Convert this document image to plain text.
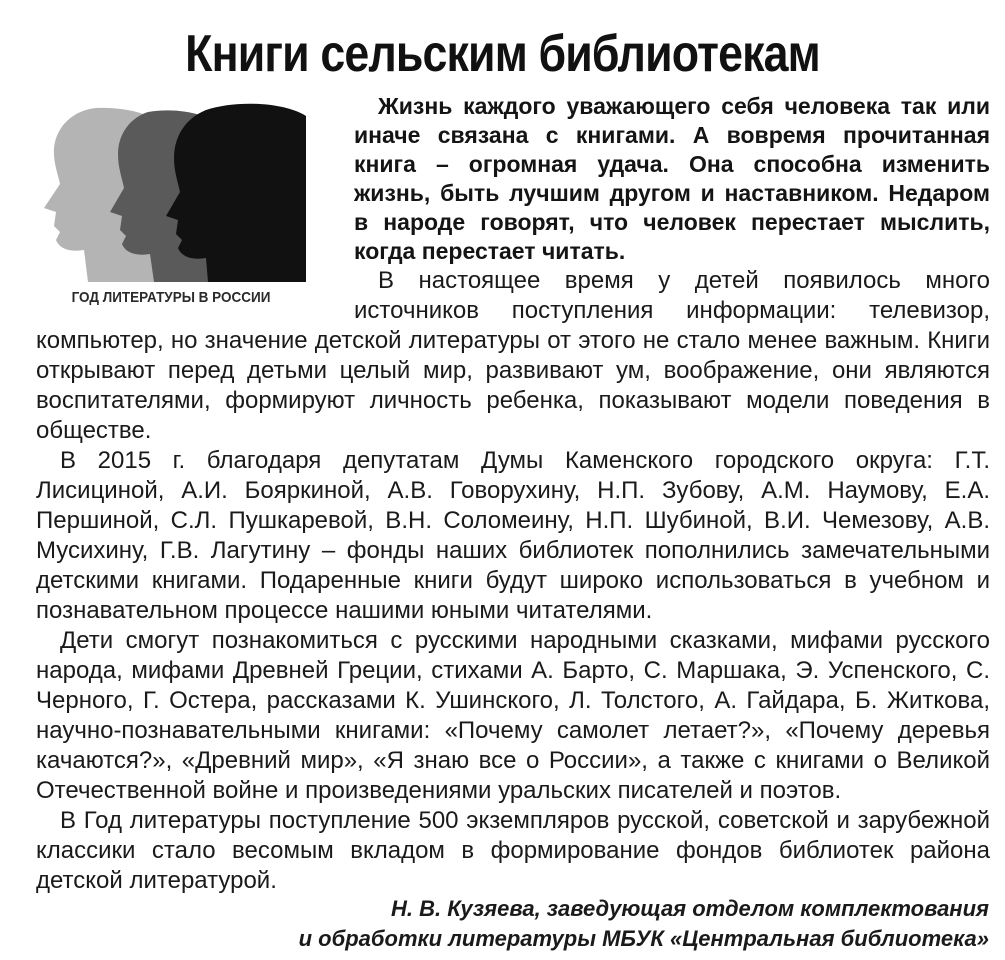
Книги сельским библиотекам
ГОД ЛИТЕРАТУРЫ В РОССИИ

Жизнь каждого уважающего себя человека так или иначе связана с книгами. А вовремя прочитанная книга – огромная удача. Она способна изменить жизнь, быть лучшим другом и наставником. Недаром в народе говорят, что человек перестает мыслить, когда перестает читать.

В настоящее время у детей появилось много источников поступления информации: телевизор, компьютер, но значение детской литературы от этого не стало менее важным. Книги открывают перед детьми целый мир, развивают ум, воображение, они являются воспитателями, формируют личность ребенка, показывают модели поведения в обществе.

В 2015 г. благодаря депутатам Думы Каменского городского округа: Г.Т. Лисициной, А.И. Бояркиной, А.В. Говорухину, Н.П. Зубову, А.М. Наумову, Е.А. Першиной, С.Л. Пушкаревой, В.Н. Соломеину, Н.П. Шубиной, В.И. Чемезову, А.В. Мусихину, Г.В. Лагутину – фонды наших библиотек пополнились замечательными детскими книгами. Подаренные книги будут широко использоваться в учебном и познавательном процессе нашими юными читателями.

Дети смогут познакомиться с русскими народными сказками, мифами русского народа, мифами Древней Греции, стихами А. Барто, С. Маршака, Э. Успенского, С. Черного, Г. Остера, рассказами К. Ушинского, Л. Толстого, А. Гайдара, Б. Житкова, научно-познавательными книгами: «Почему самолет летает?», «Почему деревья качаются?», «Древний мир», «Я знаю все о России», а также с книгами о Великой Отечественной войне и произведениями уральских писателей и поэтов.

В Год литературы поступление 500 экземпляров русской, советской и зарубежной классики стало весомым вкладом в формирование фондов библиотек района детской литературой.

Н. В. Кузяева, заведующая отделом комплектования
и обработки литературы МБУК «Центральная библиотека»
